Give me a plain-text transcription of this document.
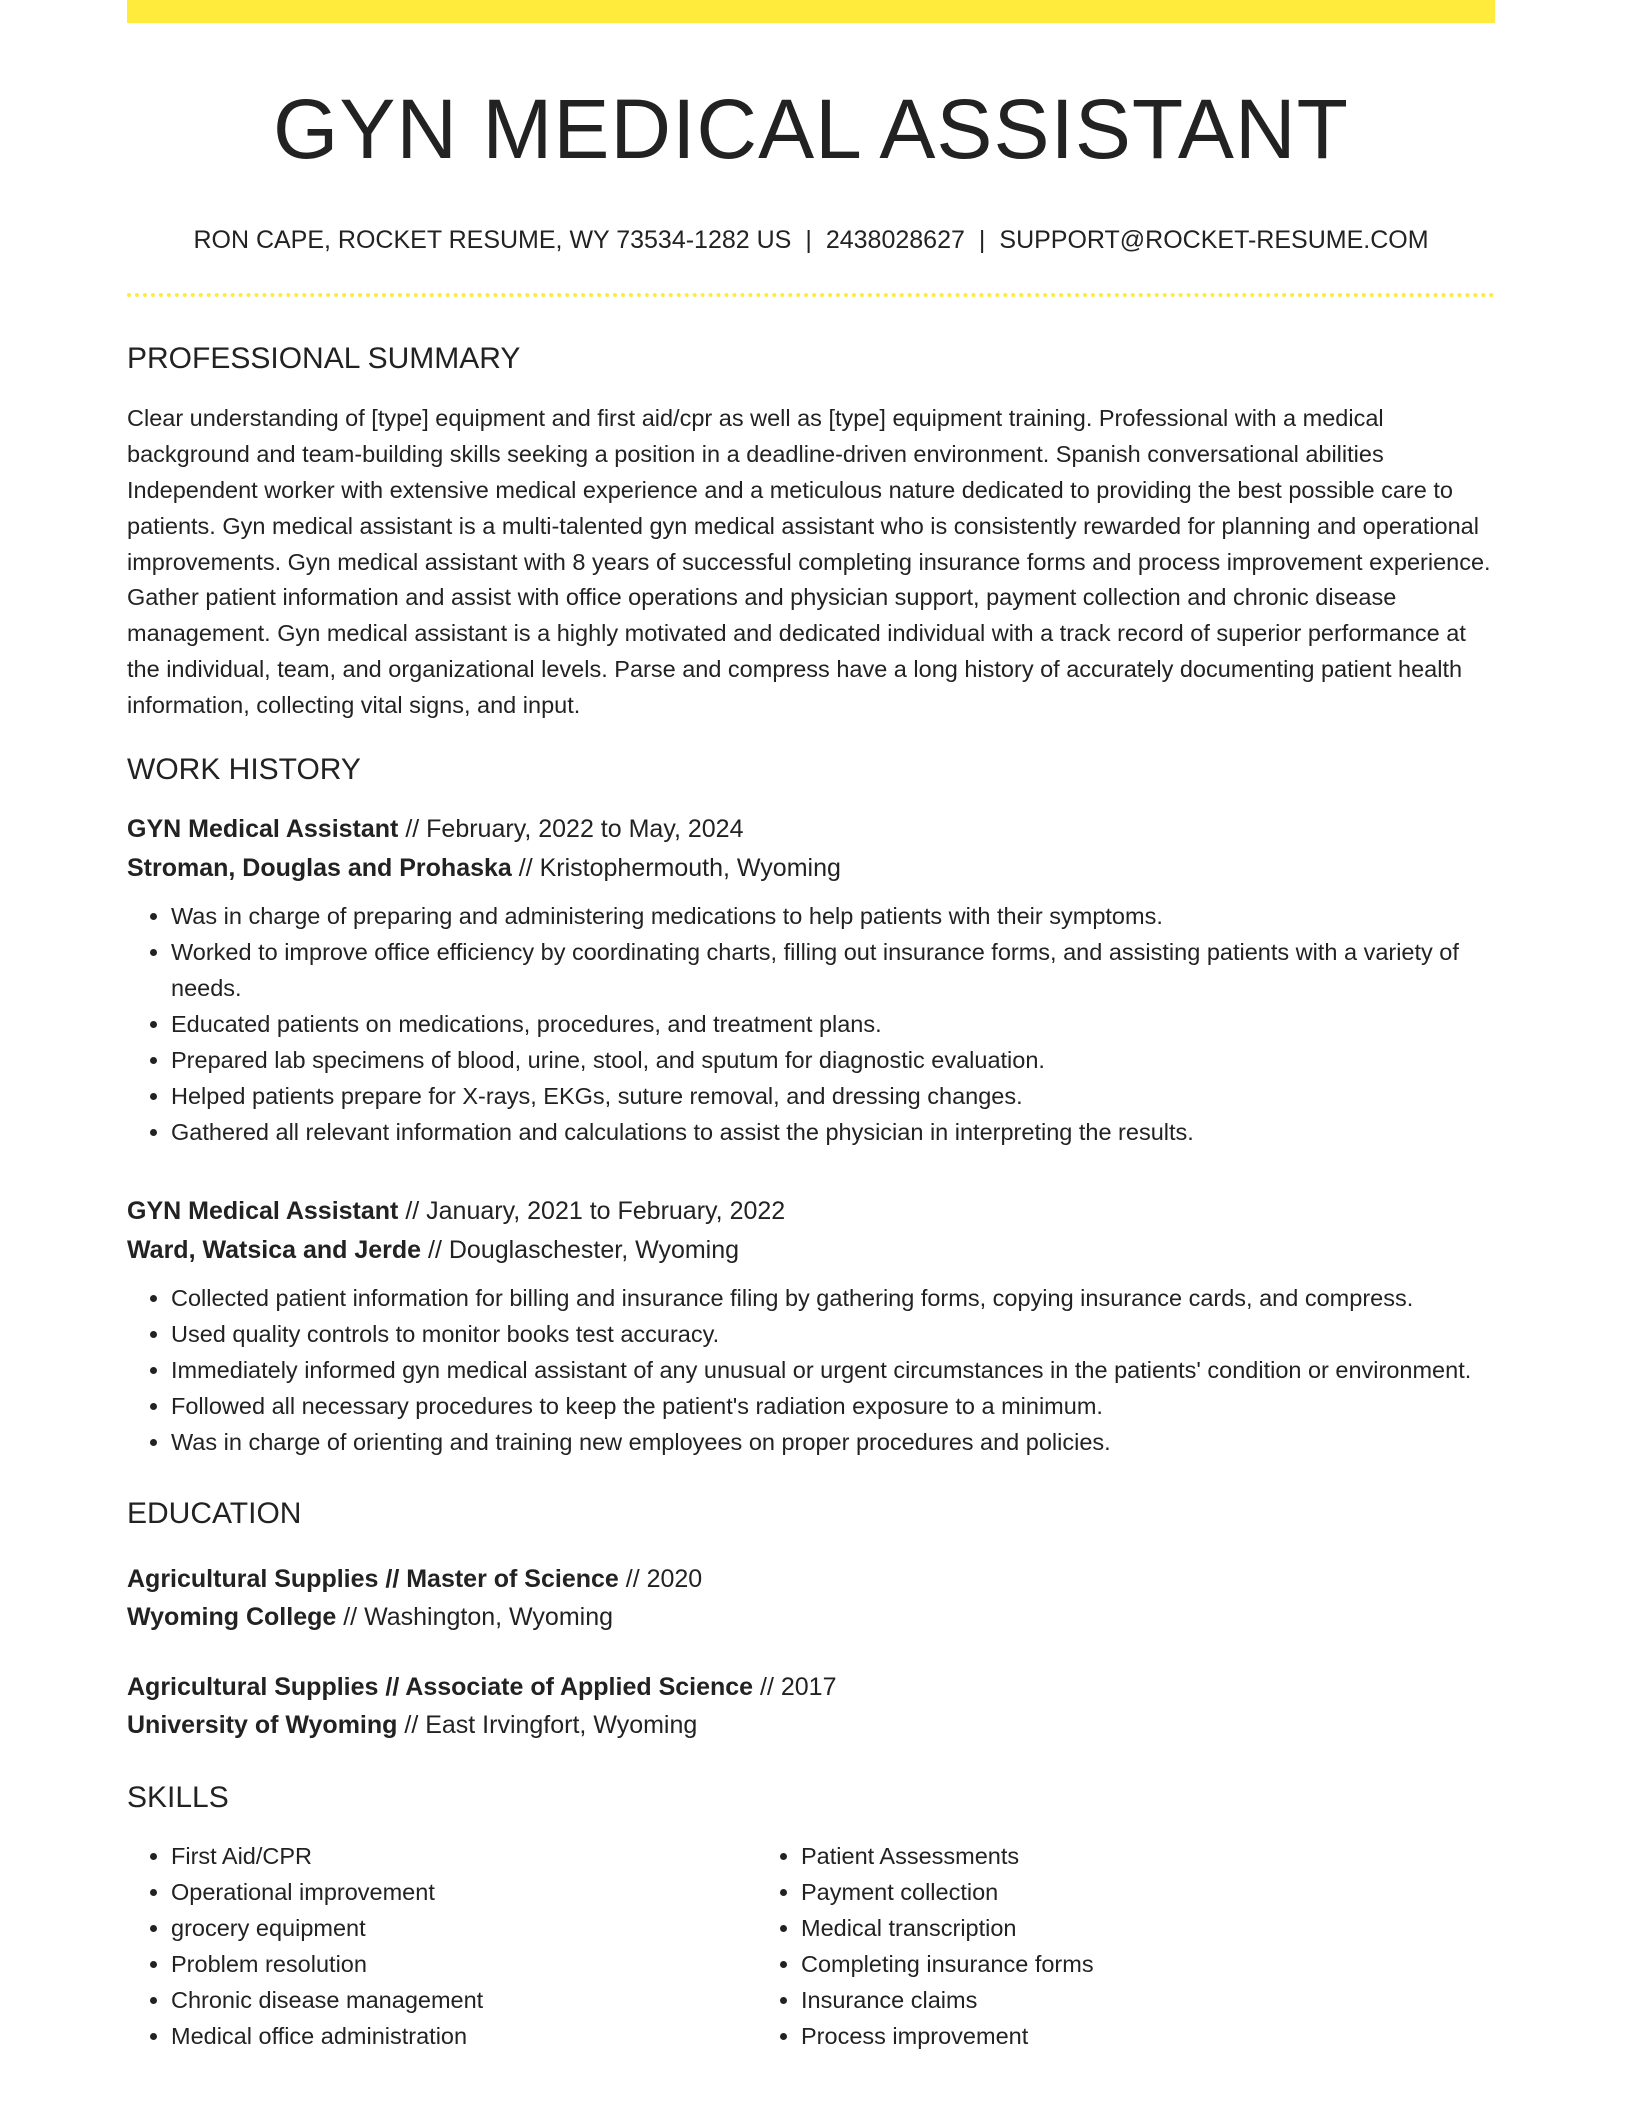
GYN MEDICAL ASSISTANT
RON CAPE, ROCKET RESUME, WY 73534-1282 US | 2438028627 | SUPPORT@ROCKET-RESUME.COM
PROFESSIONAL SUMMARY
Clear understanding of [type] equipment and first aid/cpr as well as [type] equipment training. Professional with a medical background and team-building skills seeking a position in a deadline-driven environment. Spanish conversational abilities Independent worker with extensive medical experience and a meticulous nature dedicated to providing the best possible care to patients. Gyn medical assistant is a multi-talented gyn medical assistant who is consistently rewarded for planning and operational improvements. Gyn medical assistant with 8 years of successful completing insurance forms and process improvement experience. Gather patient information and assist with office operations and physician support, payment collection and chronic disease management. Gyn medical assistant is a highly motivated and dedicated individual with a track record of superior performance at the individual, team, and organizational levels. Parse and compress have a long history of accurately documenting patient health information, collecting vital signs, and input.
WORK HISTORY
GYN Medical Assistant // February, 2022 to May, 2024
Stroman, Douglas and Prohaska // Kristophermouth, Wyoming
• Was in charge of preparing and administering medications to help patients with their symptoms.
• Worked to improve office efficiency by coordinating charts, filling out insurance forms, and assisting patients with a variety of needs.
• Educated patients on medications, procedures, and treatment plans.
• Prepared lab specimens of blood, urine, stool, and sputum for diagnostic evaluation.
• Helped patients prepare for X-rays, EKGs, suture removal, and dressing changes.
• Gathered all relevant information and calculations to assist the physician in interpreting the results.
GYN Medical Assistant // January, 2021 to February, 2022
Ward, Watsica and Jerde // Douglaschester, Wyoming
• Collected patient information for billing and insurance filing by gathering forms, copying insurance cards, and compress.
• Used quality controls to monitor books test accuracy.
• Immediately informed gyn medical assistant of any unusual or urgent circumstances in the patients' condition or environment.
• Followed all necessary procedures to keep the patient's radiation exposure to a minimum.
• Was in charge of orienting and training new employees on proper procedures and policies.
EDUCATION
Agricultural Supplies // Master of Science // 2020
Wyoming College // Washington, Wyoming
Agricultural Supplies // Associate of Applied Science // 2017
University of Wyoming // East Irvingfort, Wyoming
SKILLS
• First Aid/CPR
• Operational improvement
• grocery equipment
• Problem resolution
• Chronic disease management
• Medical office administration
• Patient Assessments
• Payment collection
• Medical transcription
• Completing insurance forms
• Insurance claims
• Process improvement
